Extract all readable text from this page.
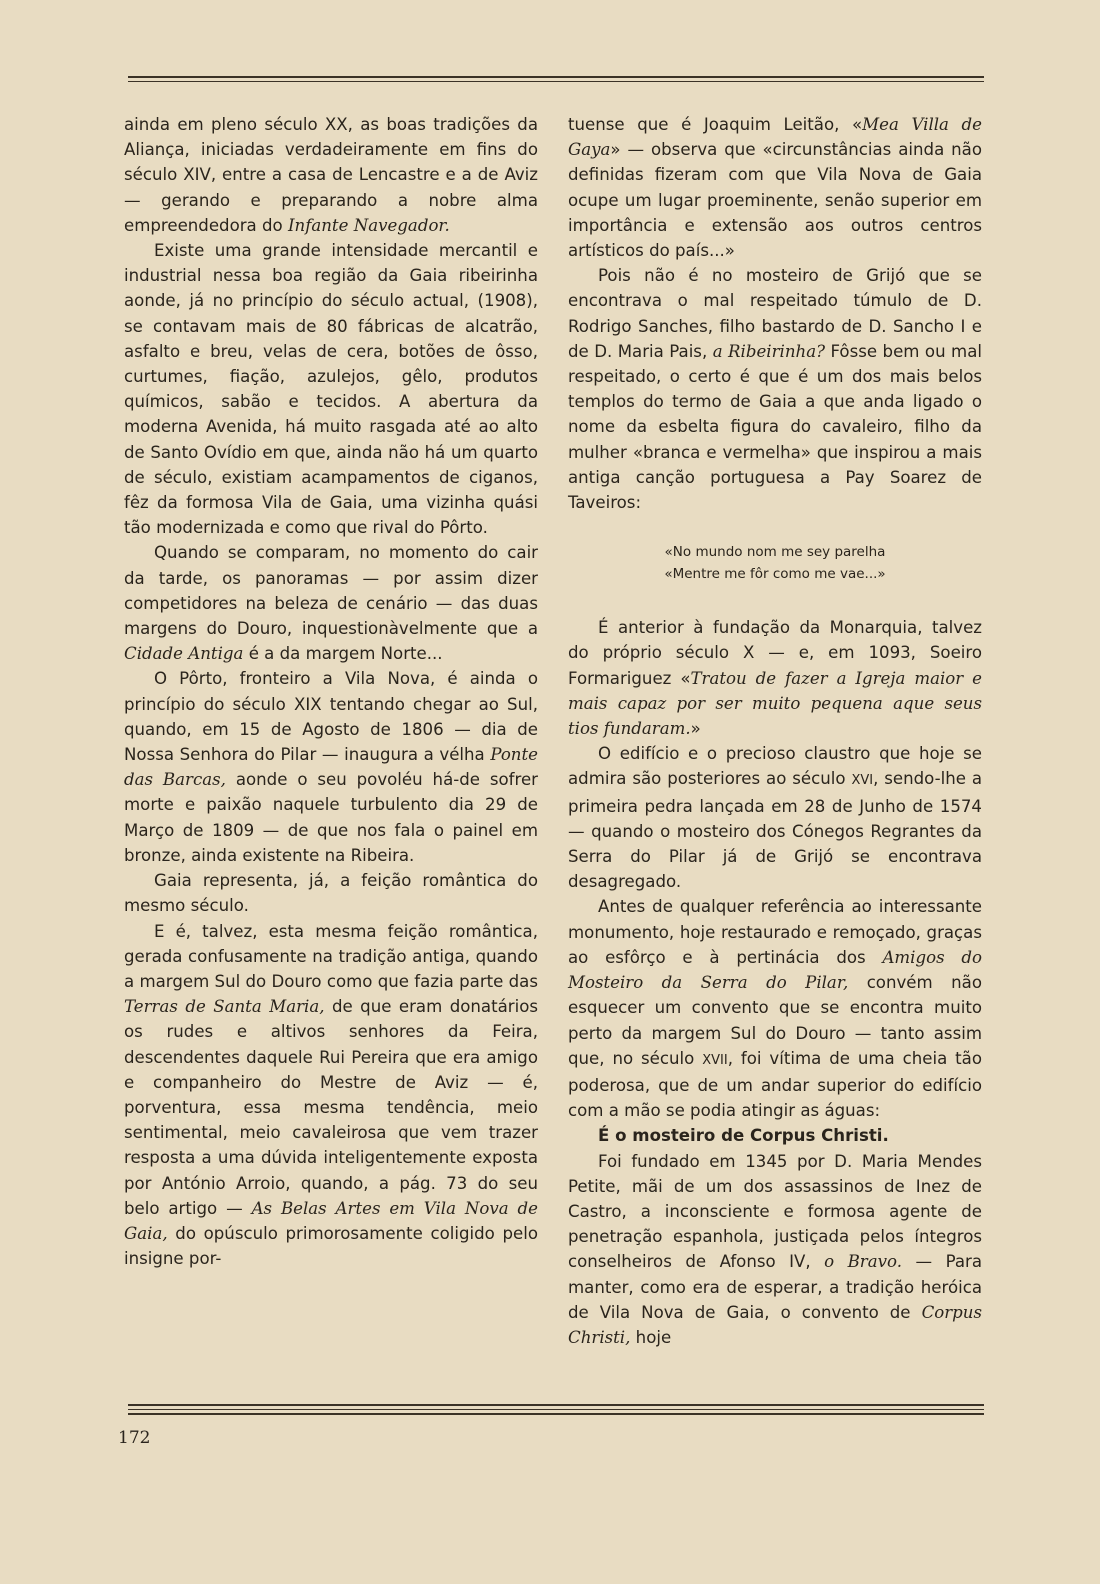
ainda em pleno século XX, as boas tradições da Aliança, iniciadas verdadeiramente em fins do século XIV, entre a casa de Lencastre e a de Aviz — gerando e preparando a nobre alma empreendedora do Infante Navegador.

Existe uma grande intensidade mercantil e industrial nessa boa região da Gaia ribeirinha aonde, já no princípio do século actual, (1908), se contavam mais de 80 fábricas de alcatrão, asfalto e breu, velas de cera, botões de ôsso, curtumes, fiação, azulejos, gêlo, produtos químicos, sabão e tecidos. A abertura da moderna Avenida, há muito rasgada até ao alto de Santo Ovídio em que, ainda não há um quarto de século, existiam acampamentos de ciganos, fêz da formosa Vila de Gaia, uma vizinha quási tão modernizada e como que rival do Pôrto.

Quando se comparam, no momento do cair da tarde, os panoramas — por assim dizer competidores na beleza de cenário — das duas margens do Douro, inquestionàvelmente que a Cidade Antiga é a da margem Norte...

O Pôrto, fronteiro a Vila Nova, é ainda o princípio do século XIX tentando chegar ao Sul, quando, em 15 de Agosto de 1806 — dia de Nossa Senhora do Pilar — inaugura a vélha Ponte das Barcas, aonde o seu povoléu há-de sofrer morte e paixão naquele turbulento dia 29 de Março de 1809 — de que nos fala o painel em bronze, ainda existente na Ribeira.

Gaia representa, já, a feição romântica do mesmo século.

E é, talvez, esta mesma feição romântica, gerada confusamente na tradição antiga, quando a margem Sul do Douro como que fazia parte das Terras de Santa Maria, de que eram donatários os rudes e altivos senhores da Feira, descendentes daquele Rui Pereira que era amigo e companheiro do Mestre de Aviz — é, porventura, essa mesma tendência, meio sentimental, meio cavaleirosa que vem trazer resposta a uma dúvida inteligentemente exposta por António Arroio, quando, a pág. 73 do seu belo artigo — As Belas Artes em Vila Nova de Gaia, do opúsculo primorosamente coligido pelo insigne por-

tuense que é Joaquim Leitão, «Mea Villa de Gaya» — observa que «circunstâncias ainda não definidas fizeram com que Vila Nova de Gaia ocupe um lugar proeminente, senão superior em importância e extensão aos outros centros artísticos do país...»

Pois não é no mosteiro de Grijó que se encontrava o mal respeitado túmulo de D. Rodrigo Sanches, filho bastardo de D. Sancho I e de D. Maria Pais, a Ribeirinha? Fôsse bem ou mal respeitado, o certo é que é um dos mais belos templos do termo de Gaia a que anda ligado o nome da esbelta figura do cavaleiro, filho da mulher «branca e vermelha» que inspirou a mais antiga canção portuguesa a Pay Soarez de Taveiros:

«No mundo nom me sey parelha
«Mentre me fôr como me vae...»

É anterior à fundação da Monarquia, talvez do próprio século X — e, em 1093, Soeiro Formariguez «Tratou de fazer a Igreja maior e mais capaz por ser muito pequena aque seus tios fundaram.»

O edifício e o precioso claustro que hoje se admira são posteriores ao século XVI, sendo-lhe a primeira pedra lançada em 28 de Junho de 1574 — quando o mosteiro dos Cónegos Regrantes da Serra do Pilar já de Grijó se encontrava desagregado.

Antes de qualquer referência ao interessante monumento, hoje restaurado e remoçado, graças ao esfôrço e à pertinácia dos Amigos do Mosteiro da Serra do Pilar, convém não esquecer um convento que se encontra muito perto da margem Sul do Douro — tanto assim que, no século XVII, foi vítima de uma cheia tão poderosa, que de um andar superior do edifício com a mão se podia atingir as águas:

É o mosteiro de Corpus Christi.

Foi fundado em 1345 por D. Maria Mendes Petite, mãi de um dos assassinos de Inez de Castro, a inconsciente e formosa agente de penetração espanhola, justiçada pelos íntegros conselheiros de Afonso IV, o Bravo. — Para manter, como era de esperar, a tradição heróica de Vila Nova de Gaia, o convento de Corpus Christi, hoje

172
